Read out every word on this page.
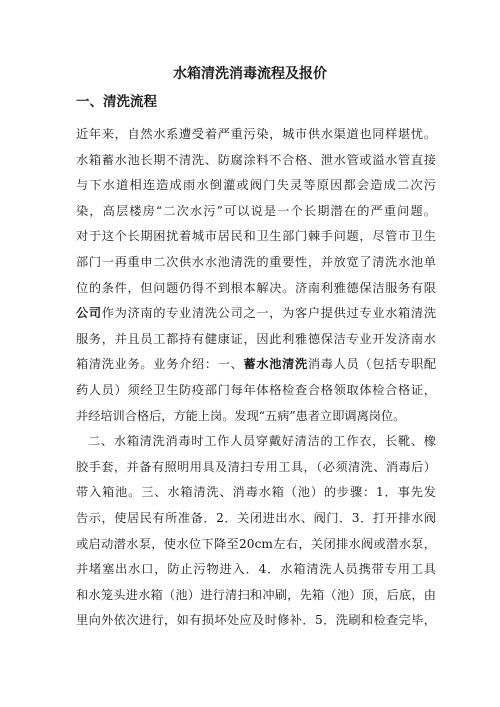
水箱清洗消毒流程及报价
一、清洗流程
近年来，自然水系遭受着严重污染，城市供水渠道也同样堪忧。
水箱蓄水池长期不清洗、防腐涂料不合格、泄水管或溢水管直接
与下水道相连造成雨水倒灌或阀门失灵等原因都会造成二次污
染，高层楼房“二次水污”可以说是一个长期潜在的严重问题。
对于这个长期困扰着城市居民和卫生部门棘手问题，尽管市卫生
部门一再重申二次供水水池清洗的重要性，并放宽了清洗水池单
位的条件，但问题仍得不到根本解决。济南利雅德保洁服务有限
公司作为济南的专业清洗公司之一，为客户提供过专业水箱清洗
服务，并且员工都持有健康证，因此利雅德保洁专业开发济南水
箱清洗业务。业务介绍：一、蓄水池清洗消毒人员（包括专职配
药人员）须经卫生防疫部门每年体格检查合格领取体检合格证，
并经培训合格后，方能上岗。发现“五病”患者立即调离岗位。
二、水箱清洗消毒时工作人员穿戴好清洁的工作衣，长靴、橡
胶手套，并备有照明用具及清扫专用工具，（必须清洗、消毒后）
带入箱池。三、水箱清洗、消毒水箱（池）的步骤：1．事先发
告示，使居民有所准备．2．关闭进出水、阀门．3．打开排水阀
或启动潜水泵，使水位下降至20cm左右，关闭排水阀或潜水泵，
并堵塞出水口，防止污物进入．4．水箱清洗人员携带专用工具
和水笼头进水箱（池）进行清扫和冲刷，先箱（池）顶，后底，由
里向外依次进行，如有损坏处应及时修补．5．洗刷和检查完毕，
